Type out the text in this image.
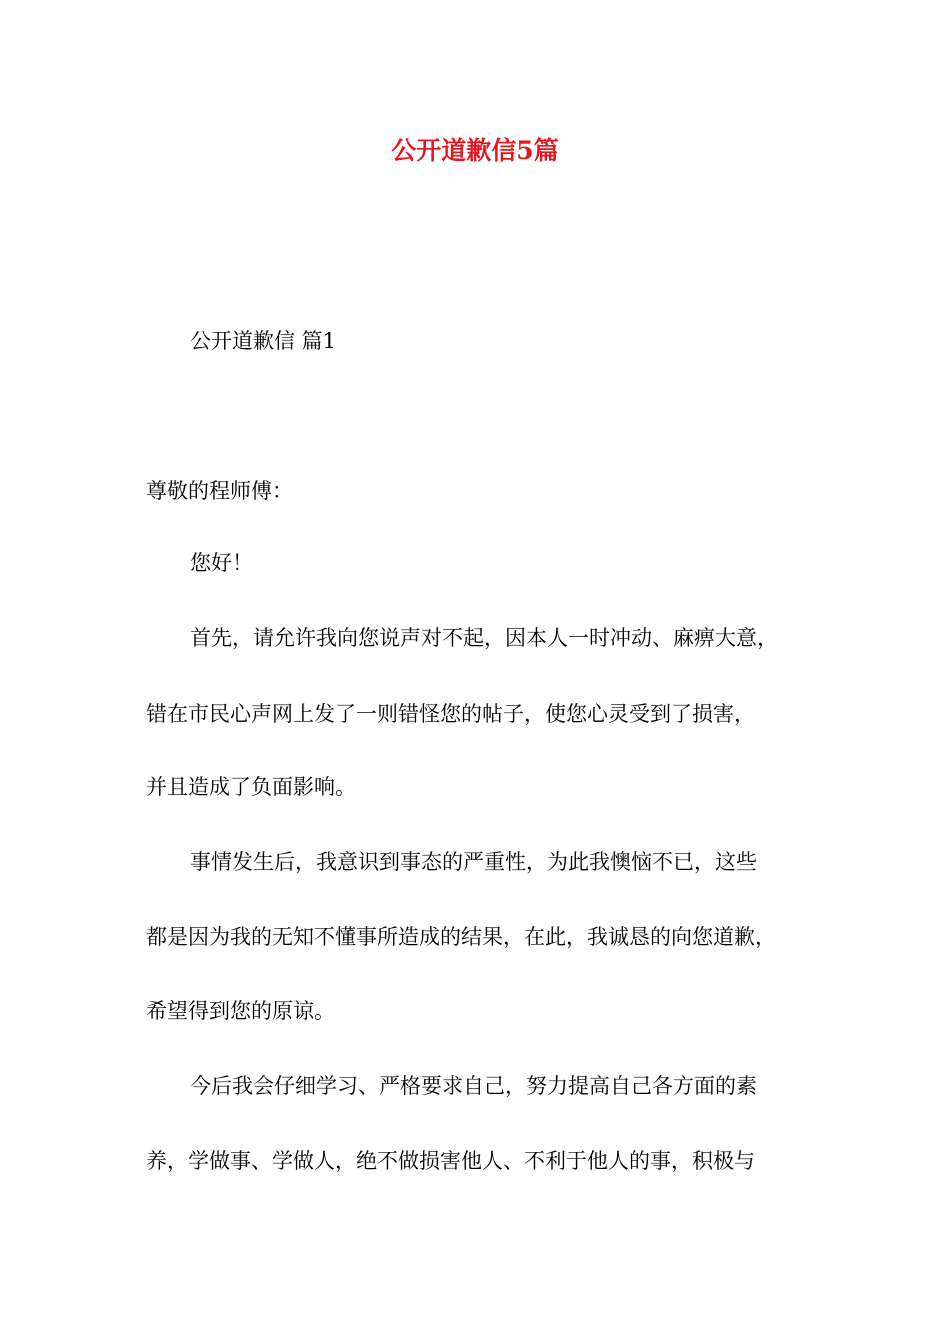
公开道歉信5篇

公开道歉信 篇1

尊敬的程师傅：

您好！

首先，请允许我向您说声对不起，因本人一时冲动、麻痹大意，

错在市民心声网上发了一则错怪您的帖子，使您心灵受到了损害，

并且造成了负面影响。

事情发生后，我意识到事态的严重性，为此我懊恼不已，这些

都是因为我的无知不懂事所造成的结果，在此，我诚恳的向您道歉，

希望得到您的原谅。

今后我会仔细学习、严格要求自己，努力提高自己各方面的素

养，学做事、学做人，绝不做损害他人、不利于他人的事，积极与
